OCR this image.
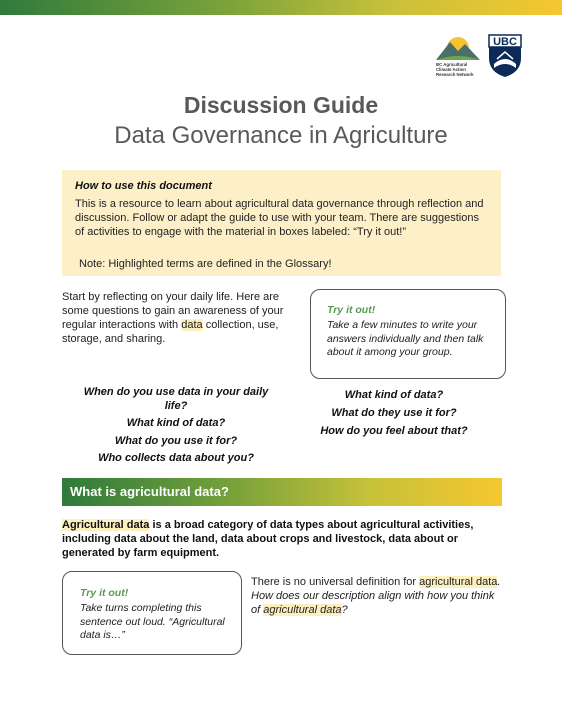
BC Agricultural Climate Action Research Network
UBC
Discussion Guide
Data Governance in Agriculture
How to use this document
This is a resource to learn about agricultural data governance through reflection and discussion. Follow or adapt the guide to use with your team. There are suggestions of activities to engage with the material in boxes labeled: “Try it out!”
Note: Highlighted terms are defined in the Glossary!
Start by reflecting on your daily life. Here are some questions to gain an awareness of your regular interactions with data collection, use, storage, and sharing.
Try it out!
Take a few minutes to write your answers individually and then talk about it among your group.
When do you use data in your daily life?
What kind of data?
What do you use it for?
Who collects data about you?
What kind of data?
What do they use it for?
How do you feel about that?
What is agricultural data?
Agricultural data is a broad category of data types about agricultural activities, including data about the land, data about crops and livestock, data about or generated by farm equipment.
Try it out!
Take turns completing this sentence out loud. “Agricultural data is…”
There is no universal definition for agricultural data. How does our description align with how you think of agricultural data?
